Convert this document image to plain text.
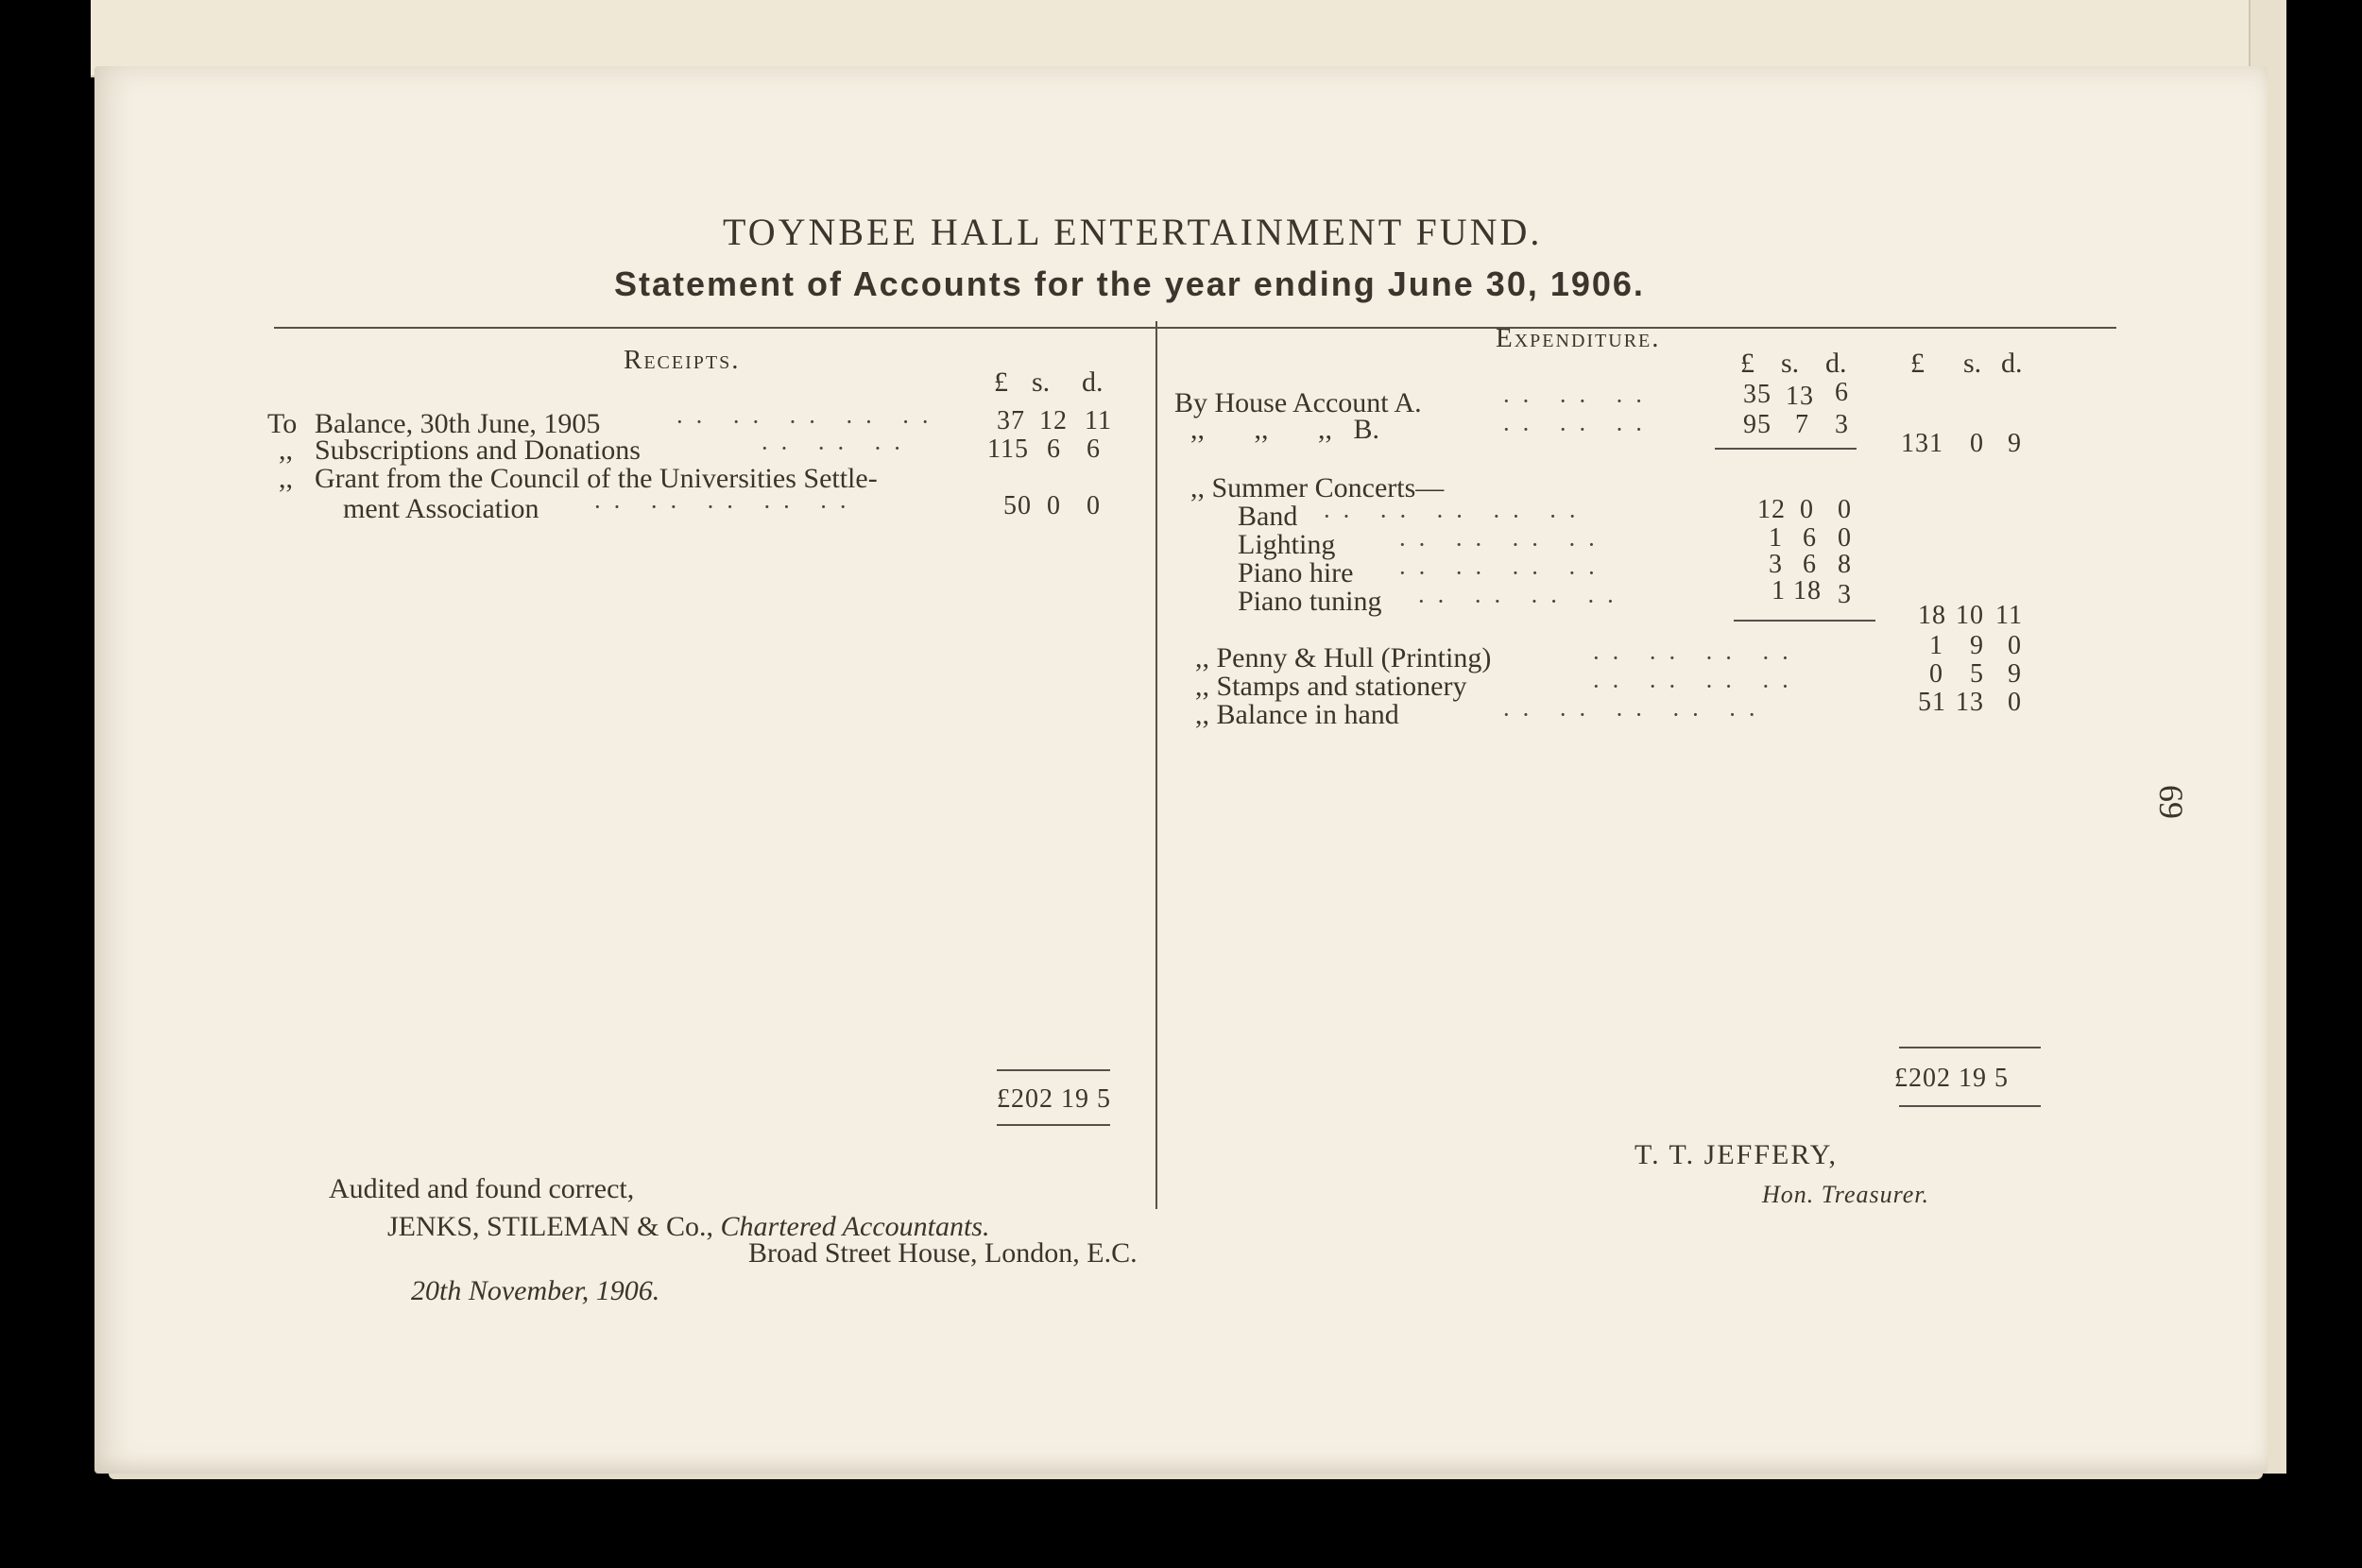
TOYNBEE HALL ENTERTAINMENT FUND.
Statement of Accounts for the year ending June 30, 1906.
Receipts.
£ s. d.
To Balance, 30th June, 1905	·· ·· ·· ·· ·· 37 12 11
,, Subscriptions and Donations	·· ·· ··	115 6 6
,, Grant from the Council of the Universities Settle-
ment Association ·· ·· ·· ·· ··	50 0 0
£202 19 5
Expenditure.
£ s. d. £ s. d.
By House Account A.	·· ·· ··	35 13 6
,,       ,,       ,,   B.	·· ·· ··	95 7 3
131 0 9
,, Summer Concerts—
Band ·· ·· ·· ·· ··	12 0 0
Lighting	·· ·· ·· ··	1 6 0
Piano hire ·· ·· ·· ··	3 6 8
Piano tuning ·· ·· ·· ··	1 18 3
18 10 11
,, Penny & Hull (Printing)	·· ·· ·· ··	1 9 0
,, Stamps and stationery	·· ·· ·· ··	0 5 9
,, Balance in hand	·· ·· ·· ·· ··	51 13 0
£202 19 5
Audited and found correct,
JENKS, STILEMAN & Co., Chartered Accountants.
Broad Street House, London, E.C.
20th November, 1906.
T. T. JEFFERY,
Hon. Treasurer.
69
